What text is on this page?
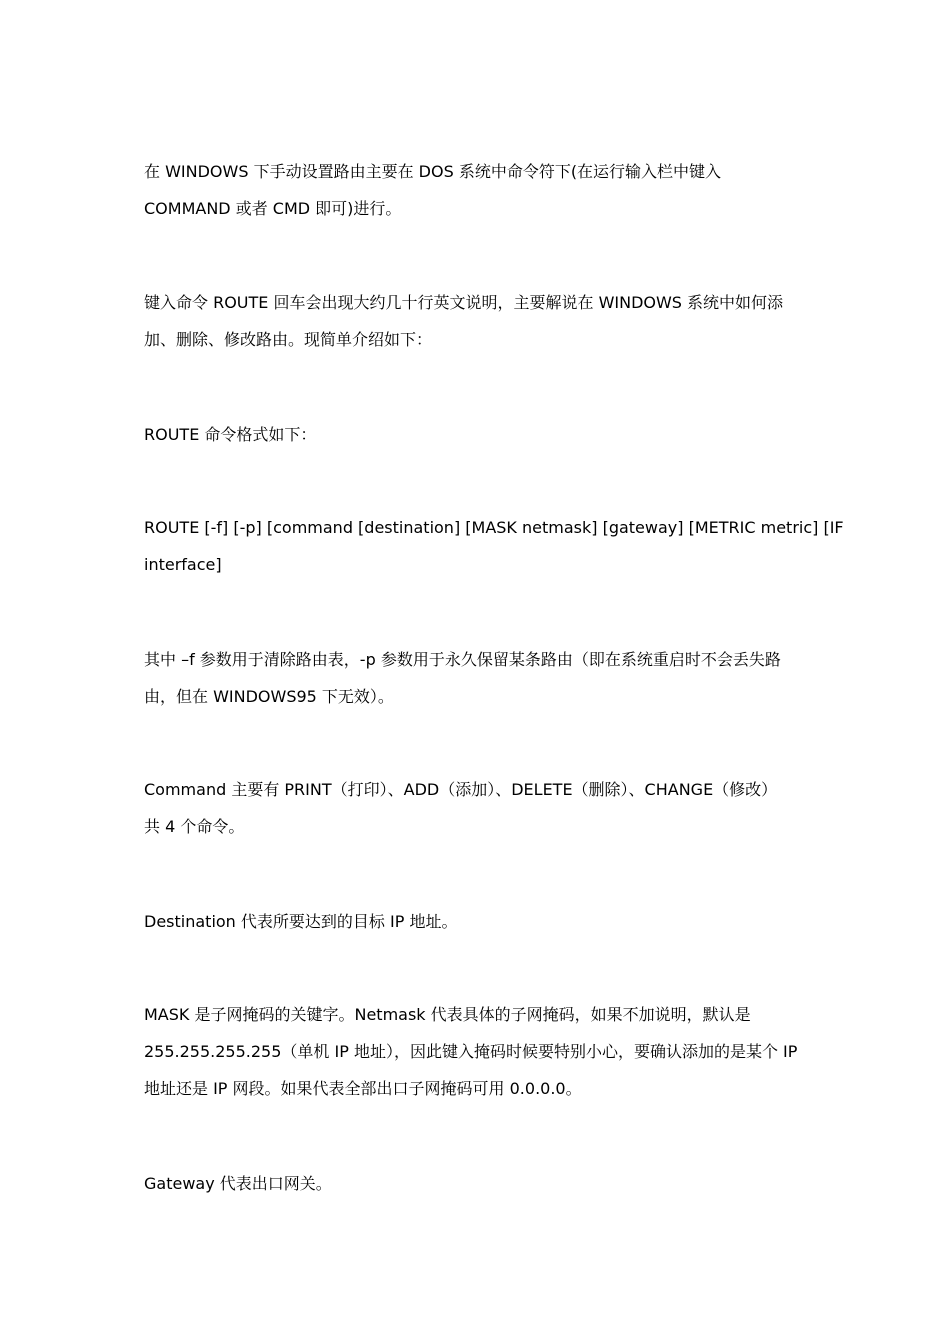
在 WINDOWS 下手动设置路由主要在 DOS 系统中命令符下(在运行输入栏中键入
COMMAND 或者 CMD 即可)进行。

键入命令 ROUTE 回车会出现大约几十行英文说明，主要解说在 WINDOWS 系统中如何添
加、删除、修改路由。现简单介绍如下：

ROUTE 命令格式如下：

ROUTE [-f] [-p] [command [destination] [MASK netmask] [gateway] [METRIC metric] [IF
interface]

其中 –f 参数用于清除路由表，-p 参数用于永久保留某条路由（即在系统重启时不会丢失路
由，但在 WINDOWS95 下无效）。

Command 主要有 PRINT（打印）、ADD（添加）、DELETE（删除）、CHANGE（修改）
共 4 个命令。

Destination 代表所要达到的目标 IP 地址。

MASK 是子网掩码的关键字。Netmask 代表具体的子网掩码，如果不加说明，默认是
255.255.255.255（单机 IP 地址），因此键入掩码时候要特别小心，要确认添加的是某个 IP
地址还是 IP 网段。如果代表全部出口子网掩码可用 0.0.0.0。

Gateway 代表出口网关。
